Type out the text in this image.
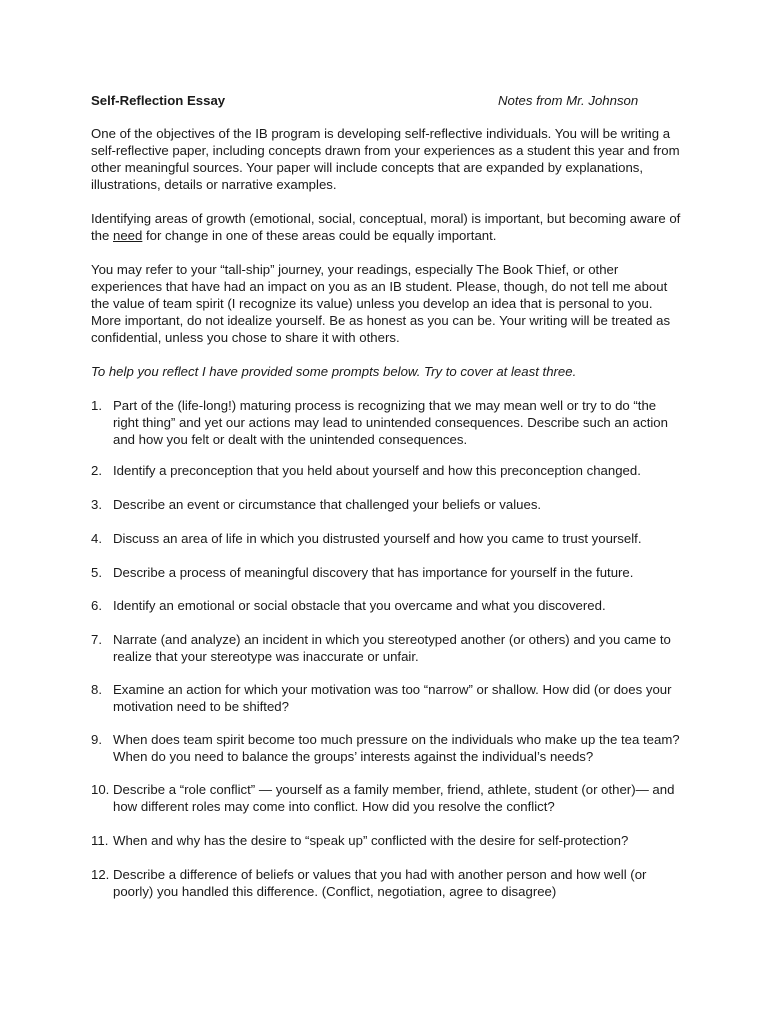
Self-Reflection Essay	Notes from Mr. Johnson

One of the objectives of the IB program is developing self-reflective individuals. You will be writing a self-reflective paper, including concepts drawn from your experiences as a student this year and from other meaningful sources. Your paper will include concepts that are expanded by explanations, illustrations, details or narrative examples.

Identifying areas of growth (emotional, social, conceptual, moral) is important, but becoming aware of the need for change in one of these areas could be equally important.

You may refer to your “tall-ship” journey, your readings, especially The Book Thief, or other experiences that have had an impact on you as an IB student. Please, though, do not tell me about the value of team spirit (I recognize its value) unless you develop an idea that is personal to you. More important, do not idealize yourself. Be as honest as you can be. Your writing will be treated as confidential, unless you chose to share it with others.

To help you reflect I have provided some prompts below. Try to cover at least three.

1. Part of the (life-long!) maturing process is recognizing that we may mean well or try to do “the right thing” and yet our actions may lead to unintended consequences. Describe such an action and how you felt or dealt with the unintended consequences.
2. Identify a preconception that you held about yourself and how this preconception changed.
3. Describe an event or circumstance that challenged your beliefs or values.
4. Discuss an area of life in which you distrusted yourself and how you came to trust yourself.
5. Describe a process of meaningful discovery that has importance for yourself in the future.
6. Identify an emotional or social obstacle that you overcame and what you discovered.
7. Narrate (and analyze) an incident in which you stereotyped another (or others) and you came to realize that your stereotype was inaccurate or unfair.
8. Examine an action for which your motivation was too “narrow” or shallow. How did (or does your motivation need to be shifted?
9. When does team spirit become too much pressure on the individuals who make up the tea team? When do you need to balance the groups’ interests against the individual’s needs?
10. Describe a “role conflict” — yourself as a family member, friend, athlete, student (or other)— and how different roles may come into conflict. How did you resolve the conflict?
11. When and why has the desire to “speak up” conflicted with the desire for self-protection?
12. Describe a difference of beliefs or values that you had with another person and how well (or poorly) you handled this difference. (Conflict, negotiation, agree to disagree)
